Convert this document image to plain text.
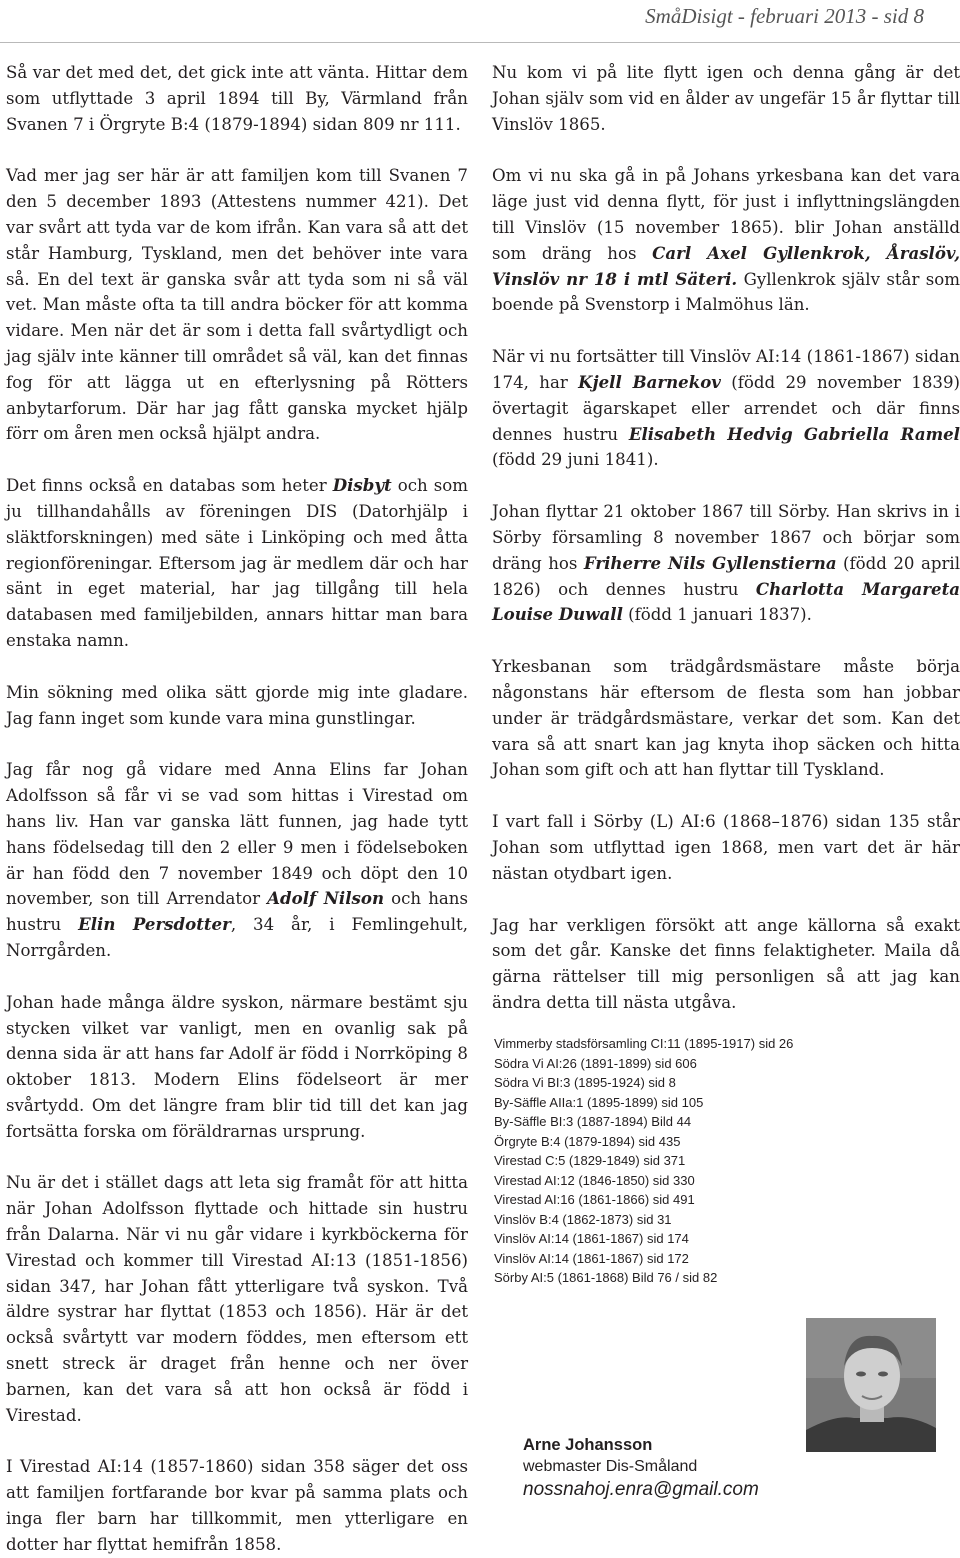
SmåDisigt - februari 2013 - sid 8

Så var det med det, det gick inte att vänta. Hittar dem som utflyttade 3 april 1894 till By, Värmland från Svanen 7 i Örgryte B:4 (1879-1894) sidan 809 nr 111.

Vad mer jag ser här är att familjen kom till Svanen 7 den 5 december 1893 (Attestens nummer 421). Det var svårt att tyda var de kom ifrån. Kan vara så att det står Hamburg, Tyskland, men det behöver inte vara så. En del text är ganska svår att tyda som ni så väl vet. Man måste ofta ta till andra böcker för att komma vidare. Men när det är som i detta fall svårtydligt och jag själv inte känner till området så väl, kan det finnas fog för att lägga ut en efterlysning på Rötters anbytarforum. Där har jag fått ganska mycket hjälp förr om åren men också hjälpt andra.

Det finns också en databas som heter Disbyt och som ju tillhandahålls av föreningen DIS (Datorhjälp i släktforskningen) med säte i Linköping och med åtta regionföreningar. Eftersom jag är medlem där och har sänt in eget material, har jag tillgång till hela databasen med familjebilden, annars hittar man bara enstaka namn.

Min sökning med olika sätt gjorde mig inte gladare. Jag fann inget som kunde vara mina gunstlingar.

Jag får nog gå vidare med Anna Elins far Johan Adolfsson så får vi se vad som hittas i Virestad om hans liv. Han var ganska lätt funnen, jag hade tytt hans födelsedag till den 2 eller 9 men i födelseboken är han född den 7 november 1849 och döpt den 10 november, son till Arrendator Adolf Nilson och hans hustru Elin Persdotter, 34 år, i Femlingehult, Norrgården.

Johan hade många äldre syskon, närmare bestämt sju stycken vilket var vanligt, men en ovanlig sak på denna sida är att hans far Adolf är född i Norrköping 8 oktober 1813. Modern Elins födelseort är mer svårtydd. Om det längre fram blir tid till det kan jag fortsätta forska om föräldrarnas ursprung.

Nu är det i stället dags att leta sig framåt för att hitta när Johan Adolfsson flyttade och hittade sin hustru från Dalarna. När vi nu går vidare i kyrkböckerna för Virestad och kommer till Virestad AI:13 (1851-1856) sidan 347, har Johan fått ytterligare två syskon. Två äldre systrar har flyttat (1853 och 1856). Här är det också svårtytt var modern föddes, men eftersom ett snett streck är draget från henne och ner över barnen, kan det vara så att hon också är född i Virestad.

I Virestad AI:14 (1857-1860) sidan 358 säger det oss att familjen fortfarande bor kvar på samma plats och inga fler barn har tillkommit, men ytterligare en dotter har flyttat hemifrån 1858.

Nu kom vi på lite flytt igen och denna gång är det Johan själv som vid en ålder av ungefär 15 år flyttar till Vinslöv 1865.

Om vi nu ska gå in på Johans yrkesbana kan det vara läge just vid denna flytt, för just i inflyttningslängden till Vinslöv (15 november 1865). blir Johan anställd som dräng hos Carl Axel Gyllenkrok, Åraslöv, Vinslöv nr 18 i mtl Säteri. Gyllenkrok själv står som boende på Svenstorp i Malmöhus län.

När vi nu fortsätter till Vinslöv AI:14 (1861-1867) sidan 174, har Kjell Barnekov (född 29 november 1839) övertagit ägarskapet eller arrendet och där finns dennes hustru Elisabeth Hedvig Gabriella Ramel (född 29 juni 1841).

Johan flyttar 21 oktober 1867 till Sörby. Han skrivs in i Sörby församling 8 november 1867 och börjar som dräng hos Friherre Nils Gyllenstierna (född 20 april 1826) och dennes hustru Charlotta Margareta Louise Duwall (född 1 januari 1837).

Yrkesbanan som trädgårdsmästare måste börja någonstans här eftersom de flesta som han jobbar under är trädgårdsmästare, verkar det som. Kan det vara så att snart kan jag knyta ihop säcken och hitta Johan som gift och att han flyttar till Tyskland.

I vart fall i Sörby (L) AI:6 (1868–1876) sidan 135 står Johan som utflyttad igen 1868, men vart det är här nästan otydbart igen.

Jag har verkligen försökt att ange källorna så exakt som det går. Kanske det finns felaktigheter. Maila då gärna rättelser till mig personligen så att jag kan ändra detta till nästa utgåva.

Vimmerby stadsförsamling CI:11 (1895-1917) sid 26
Södra Vi AI:26 (1891-1899) sid 606
Södra Vi BI:3 (1895-1924) sid 8
By-Säffle AIIa:1 (1895-1899) sid 105
By-Säffle BI:3 (1887-1894) Bild 44
Örgryte B:4 (1879-1894) sid 435
Virestad C:5 (1829-1849) sid 371
Virestad AI:12 (1846-1850) sid 330
Virestad AI:16 (1861-1866) sid 491
Vinslöv B:4 (1862-1873) sid 31
Vinslöv AI:14 (1861-1867) sid 174
Vinslöv AI:14 (1861-1867) sid 172
Sörby AI:5 (1861-1868) Bild 76 / sid 82
Arne Johansson
webmaster Dis-Småland
nossnahoj.enra@gmail.com
